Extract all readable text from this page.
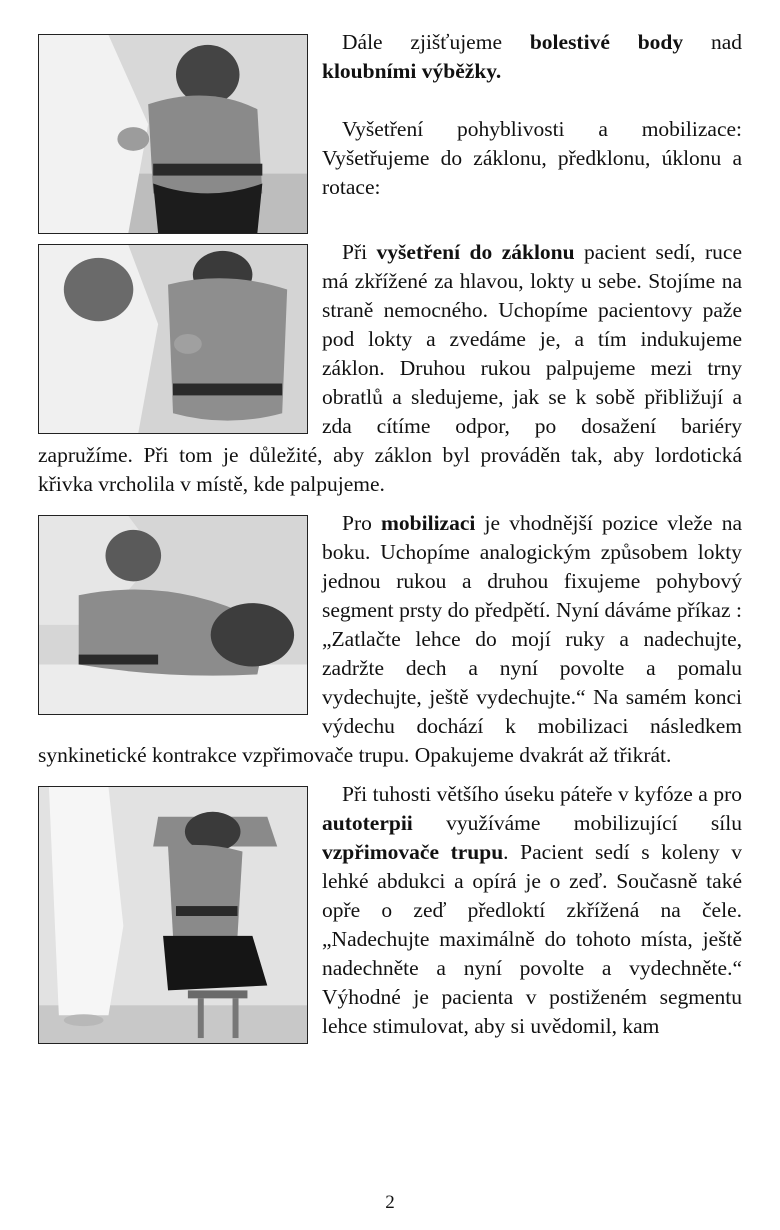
Dále zjišťujeme bolestivé body nad kloubními výběžky.

Vyšetření pohyblivosti a mobilizace: Vyšetřujeme do záklonu, předklonu, úklonu a rotace:

Při vyšetření do záklonu pacient sedí, ruce má zkřížené za hlavou, lokty u sebe. Stojíme na straně nemocného. Uchopíme pacientovy paže pod lokty a zvedáme je, a tím indukujeme záklon. Druhou rukou palpujeme mezi trny obratlů a sledujeme, jak se k sobě přibližují a zda cítíme odpor, po dosažení bariéry zapružíme. Při tom je důležité, aby záklon byl prováděn tak, aby lordotická křivka vrcholila v místě, kde palpujeme.

Pro mobilizaci je vhodnější pozice vleže na boku. Uchopíme analogickým způsobem lokty jednou rukou a druhou fixujeme pohybový segment prsty do předpětí. Nyní dáváme příkaz : „Zatlačte lehce do mojí ruky a nadechujte, zadržte dech a nyní povolte a pomalu vydechujte, ještě vydechujte.“ Na samém konci výdechu dochází k mobilizaci následkem synkinetické kontrakce vzpřimovače trupu. Opakujeme dvakrát až třikrát.

Při tuhosti většího úseku páteře v kyfóze a pro autoterpii využíváme mobilizující sílu vzpřimovače trupu. Pacient sedí s koleny v lehké abdukci a opírá je o zeď. Současně také opře o zeď předloktí zkřížená na čele. „Nadechujte maximálně do tohoto místa, ještě nadechněte a nyní povolte a vydechněte.“ Výhodné je pacienta v postiženém segmentu lehce stimulovat, aby si uvědomil, kam

2
